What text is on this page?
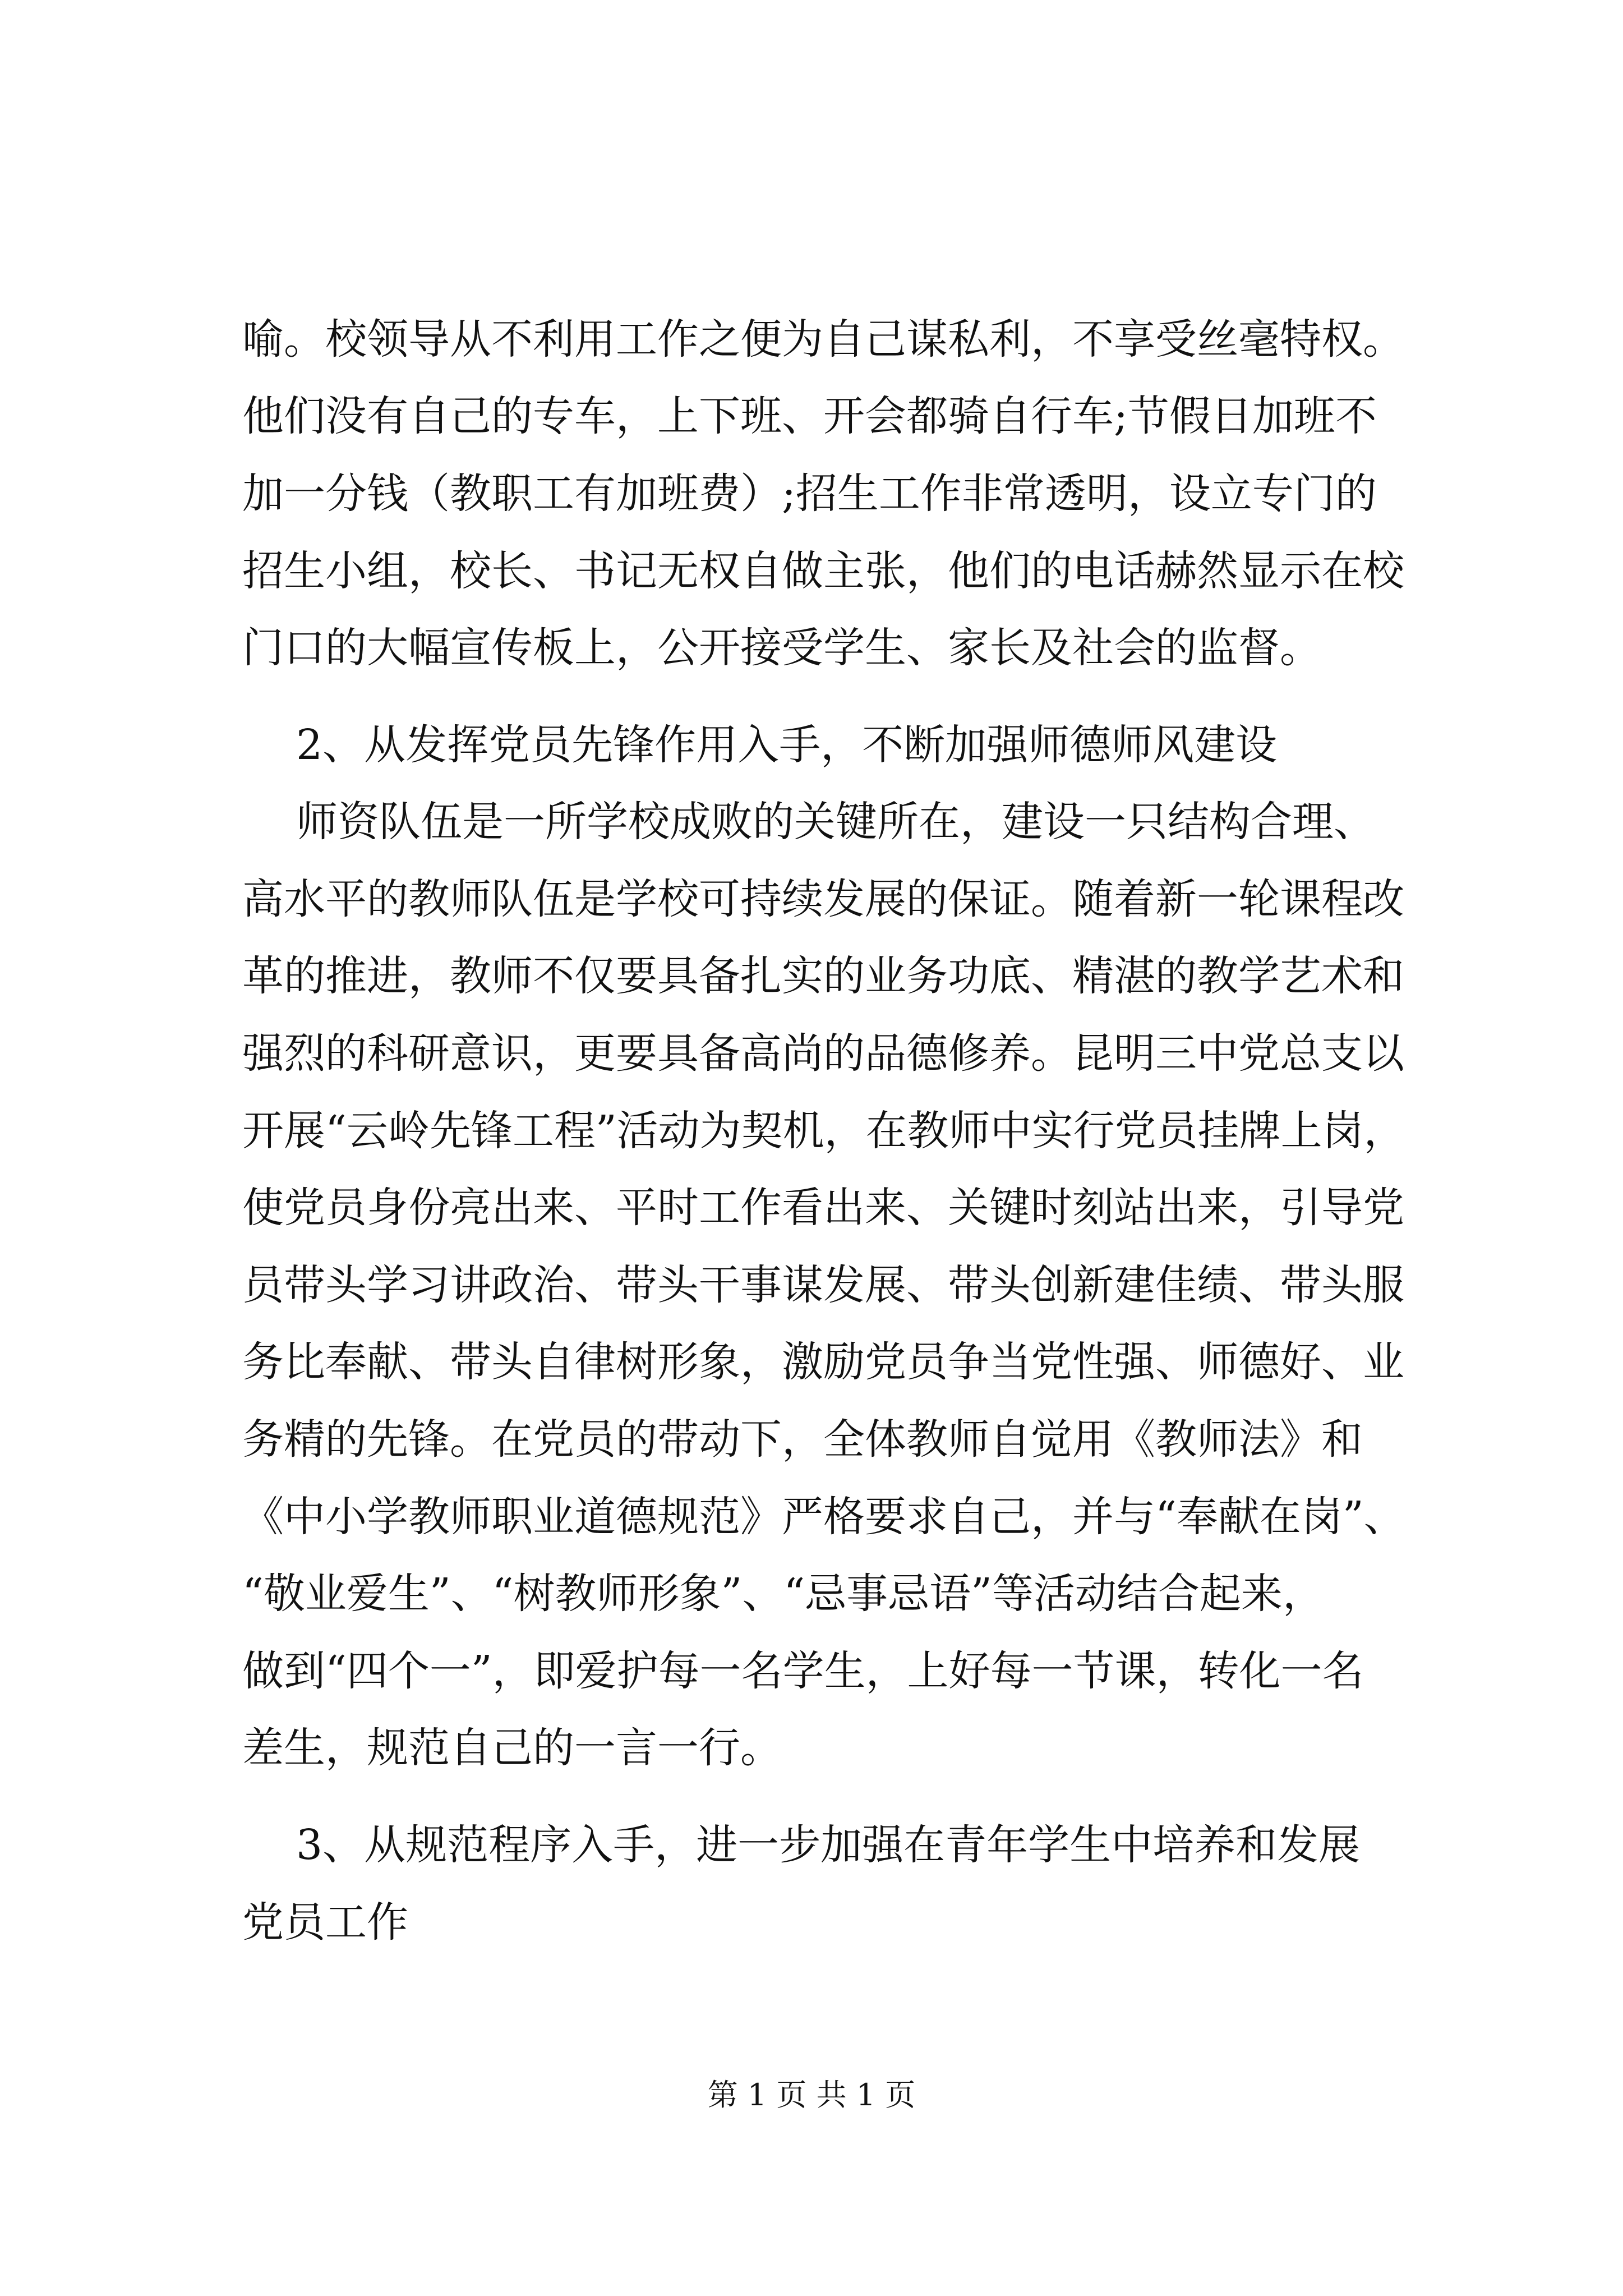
喻。校领导从不利用工作之便为自己谋私利，不享受丝毫特权。
他们没有自己的专车，上下班、开会都骑自行车;节假日加班不
加一分钱（教职工有加班费）;招生工作非常透明，设立专门的
招生小组，校长、书记无权自做主张，他们的电话赫然显示在校
门口的大幅宣传板上，公开接受学生、家长及社会的监督。
2、从发挥党员先锋作用入手，不断加强师德师风建设
师资队伍是一所学校成败的关键所在，建设一只结构合理、
高水平的教师队伍是学校可持续发展的保证。随着新一轮课程改
革的推进，教师不仅要具备扎实的业务功底、精湛的教学艺术和
强烈的科研意识，更要具备高尚的品德修养。昆明三中党总支以
开展“云岭先锋工程”活动为契机，在教师中实行党员挂牌上岗，
使党员身份亮出来、平时工作看出来、关键时刻站出来，引导党
员带头学习讲政治、带头干事谋发展、带头创新建佳绩、带头服
务比奉献、带头自律树形象，激励党员争当党性强、师德好、业
务精的先锋。在党员的带动下，全体教师自觉用《教师法》和
《中小学教师职业道德规范》严格要求自己，并与“奉献在岗”、
“敬业爱生”、“树教师形象”、“忌事忌语”等活动结合起来，
做到“四个一”，即爱护每一名学生，上好每一节课，转化一名
差生，规范自己的一言一行。
3、从规范程序入手，进一步加强在青年学生中培养和发展
党员工作
第 1 页 共 1 页
